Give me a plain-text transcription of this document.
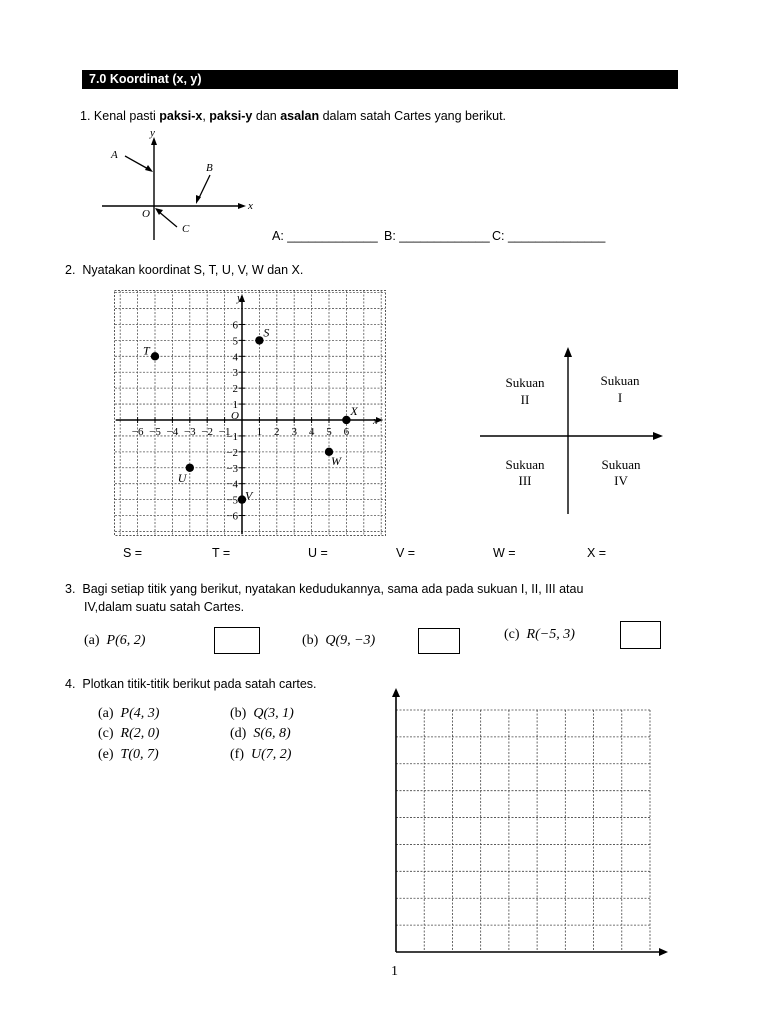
7.0 Koordinat (x, y)
1. Kenal pasti paksi-x, paksi-y dan asalan dalam satah Cartes yang berikut.
A
B
C
O
x
y
A: _____________ B: _____________ C: ______________
2. Nyatakan koordinat S, T, U, V, W dan X.
x
y
O
−6 −5 −4 −3 −2 −1 1 2 3 4 5 6
6
5
4
3
2
1
−1
−2
−3
−4
−5
−6
S
T
U
V
W
X
Sukuan
II
Sukuan
I
Sukuan
III
Sukuan
IV
S =	T =	U =	V =	W =	X =
3. Bagi setiap titik yang berikut, nyatakan kedudukannya, sama ada pada sukuan I, II, III atau
IV,dalam suatu satah Cartes.
(a) P(6, 2)	(b) Q(9, −3)	(c) R(−5, 3)
4. Plotkan titik-titik berikut pada satah cartes.
(a) P(4, 3)	(b) Q(3, 1)
(c) R(2, 0)	(d) S(6, 8)
(e) T(0, 7)	(f) U(7, 2)
1
